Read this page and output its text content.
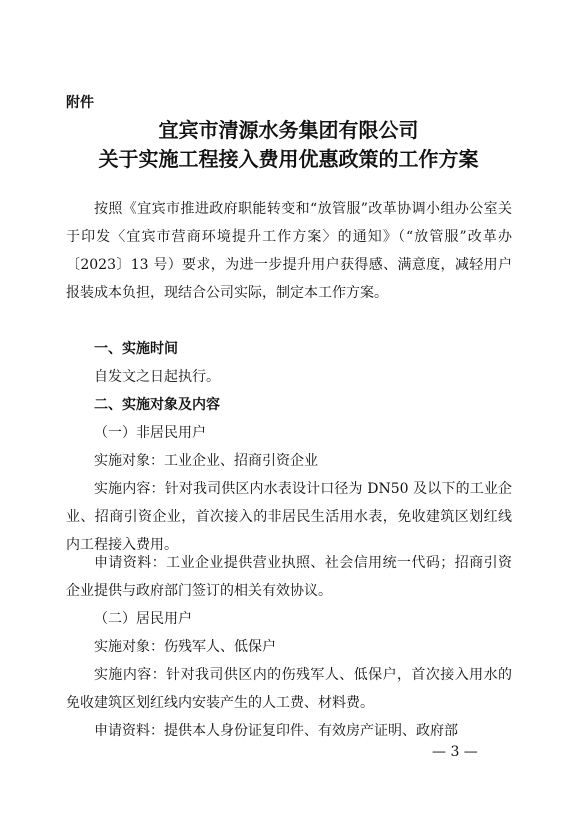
附件
宜宾市清源水务集团有限公司
关于实施工程接入费用优惠政策的工作方案
按照《宜宾市推进政府职能转变和“放管服”改革协调小组办公室关于印发〈宜宾市营商环境提升工作方案〉的通知》（“放管服”改革办〔2023〕13 号）要求，为进一步提升用户获得感、满意度，减轻用户报装成本负担，现结合公司实际，制定本工作方案。
一、实施时间
自发文之日起执行。
二、实施对象及内容
（一）非居民用户
实施对象：工业企业、招商引资企业
实施内容：针对我司供区内水表设计口径为 DN50 及以下的工业企业、招商引资企业，首次接入的非居民生活用水表，免收建筑区划红线内工程接入费用。
申请资料：工业企业提供营业执照、社会信用统一代码；招商引资企业提供与政府部门签订的相关有效协议。
（二）居民用户
实施对象：伤残军人、低保户
实施内容：针对我司供区内的伤残军人、低保户，首次接入用水的免收建筑区划红线内安装产生的人工费、材料费。
申请资料：提供本人身份证复印件、有效房产证明、政府部
— 3 —
